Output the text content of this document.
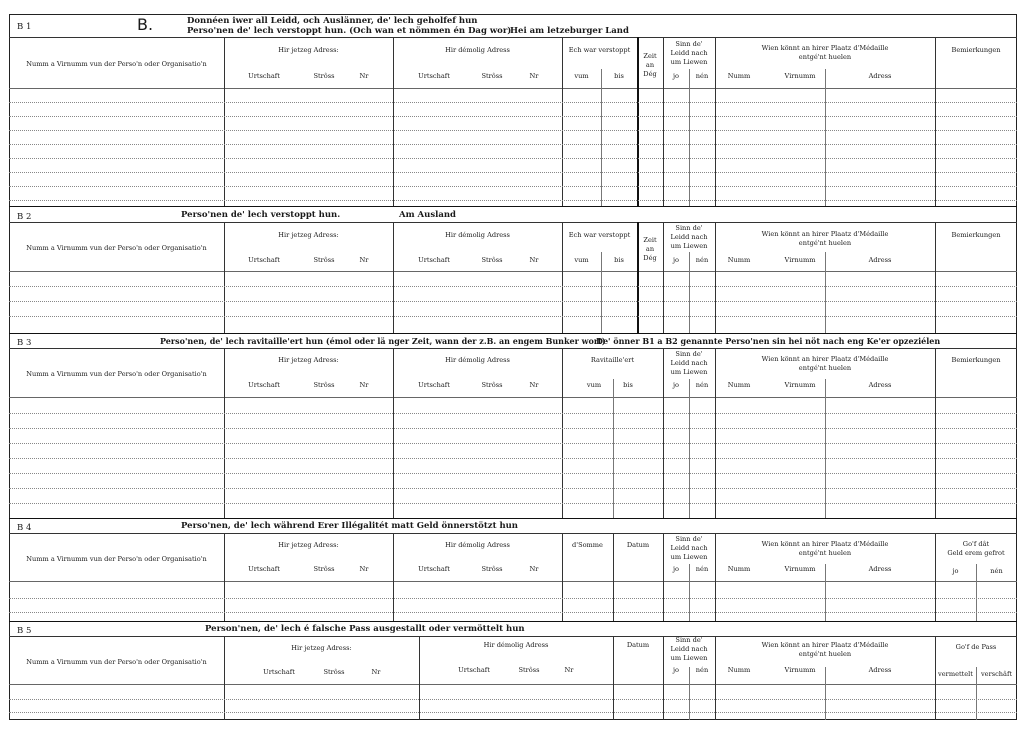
B 1	B.	Donnéen iwer all Leidd, och Auslänner, de' lech geholfef hun
Perso'nen de' lech verstoppt hun. (Och wan et nömmen én Dag wor)
Hei am letzeburger Land
Numm a Virnumm vun der Perso'n oder Organisatio'n
Hir jetzeg Adress:
Urtschaft	Strôss	Nr
Hir démolig Adress
Urtschaft	Strôss	Nr
Ech war verstoppt
vum	bis
Zeit
an
Dég
Sinn de'
Leidd nach
um Liewen
jo	nén
Wien könnt an hirer Plaatz d'Médaille
entgé'nt huelen
Numm	Virnumm	Adress
Bemierkungen
B 2	Perso'nen de' lech verstoppt hun.	Am Ausland
Numm a Virnumm vun der Perso'n oder Organisatio'n
Hir jetzeg Adress:
Urtschaft	Strôss	Nr
Hir démolig Adress
Urtschaft	Strôss	Nr
Ech war verstoppt
vum	bis
Zeit
an
Dég
Sinn de'
Leidd nach
um Liewen
jo	nén
Wien könnt an hirer Plaatz d'Médaille
entgé'nt huelen
Numm	Virnumm	Adress
Bemierkungen
B 3	Perso'nen, de' lech ravitaille'ert hun (émol oder lä nger Zeit, wann der z.B. an engem Bunker wort)
De' önner B1 a B2 genannte Perso'nen sin hei nöt nach eng Ke'er opzeziélen
Numm a Virnumm vun der Perso'n oder Organisatio'n
Hir jetzeg Adress:
Urtschaft	Strôss	Nr
Hir démolig Adress
Urtschaft	Strôss	Nr
Ravitaille'ert
vum	bis
Sinn de'
Leidd nach
um Liewen
jo	nén
Wien könnt an hirer Plaatz d'Médaille
entgé'nt huelen
Numm	Virnumm	Adress
Bemierkungen
B 4	Perso'nen, de' lech während Erer Illégalitét matt Geld önnerstötzt hun
Numm a Virnumm vun der Perso'n oder Organisatio'n
Hir jetzeg Adress:
Urtschaft	Strôss	Nr
Hir démolig Adress
Urtschaft	Strôss	Nr
d'Somme	Datum
Sinn de'
Leidd nach
um Liewen
jo	nén
Wien könnt an hirer Plaatz d'Médaille
entgé'nt huelen
Numm	Virnumm	Adress
Go'f dât
Geld erem gefrot
jo	nén
B 5	Person'nen, de' lech é falsche Pass ausgestallt oder vermöttelt hun
Numm a Virnumm vun der Perso'n oder Organisatio'n
Hir jetzeg Adress:
Urtschaft	Strôss	Nr
Hir démolig Adress
Urtschaft	Strôss	Nr
Datum
Sinn de'
Leidd nach
um Liewen
jo	nén
Wien könnt an hirer Plaatz d'Médaille
entgé'nt huelen
Numm	Virnumm	Adress
Go'f de Pass
vermettelt	verschâft
